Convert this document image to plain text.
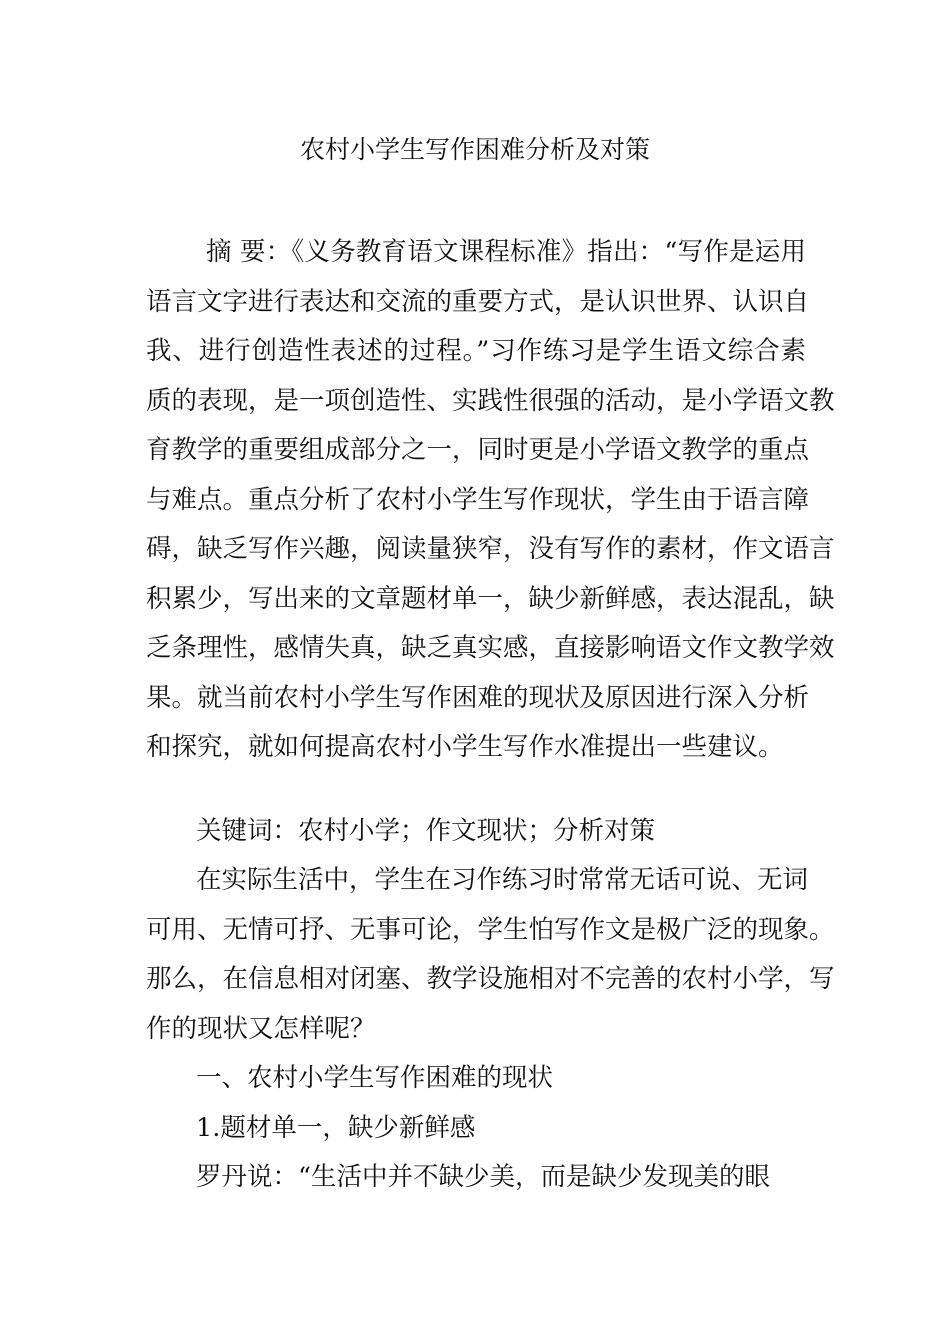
农村小学生写作困难分析及对策
摘 要：《义务教育语文课程标准》指出：“写作是运用
语言文字进行表达和交流的重要方式，是认识世界、认识自
我、进行创造性表述的过程。”习作练习是学生语文综合素
质的表现，是一项创造性、实践性很强的活动，是小学语文教
育教学的重要组成部分之一，同时更是小学语文教学的重点
与难点。重点分析了农村小学生写作现状，学生由于语言障
碍，缺乏写作兴趣，阅读量狭窄，没有写作的素材，作文语言
积累少，写出来的文章题材单一，缺少新鲜感，表达混乱，缺
乏条理性，感情失真，缺乏真实感，直接影响语文作文教学效
果。就当前农村小学生写作困难的现状及原因进行深入分析
和探究，就如何提高农村小学生写作水准提出一些建议。
关键词：农村小学；作文现状；分析对策
在实际生活中，学生在习作练习时常常无话可说、无词
可用、无情可抒、无事可论，学生怕写作文是极广泛的现象。
那么，在信息相对闭塞、教学设施相对不完善的农村小学，写
作的现状又怎样呢？
一、农村小学生写作困难的现状
1.题材单一，缺少新鲜感
罗丹说：“生活中并不缺少美，而是缺少发现美的眼
